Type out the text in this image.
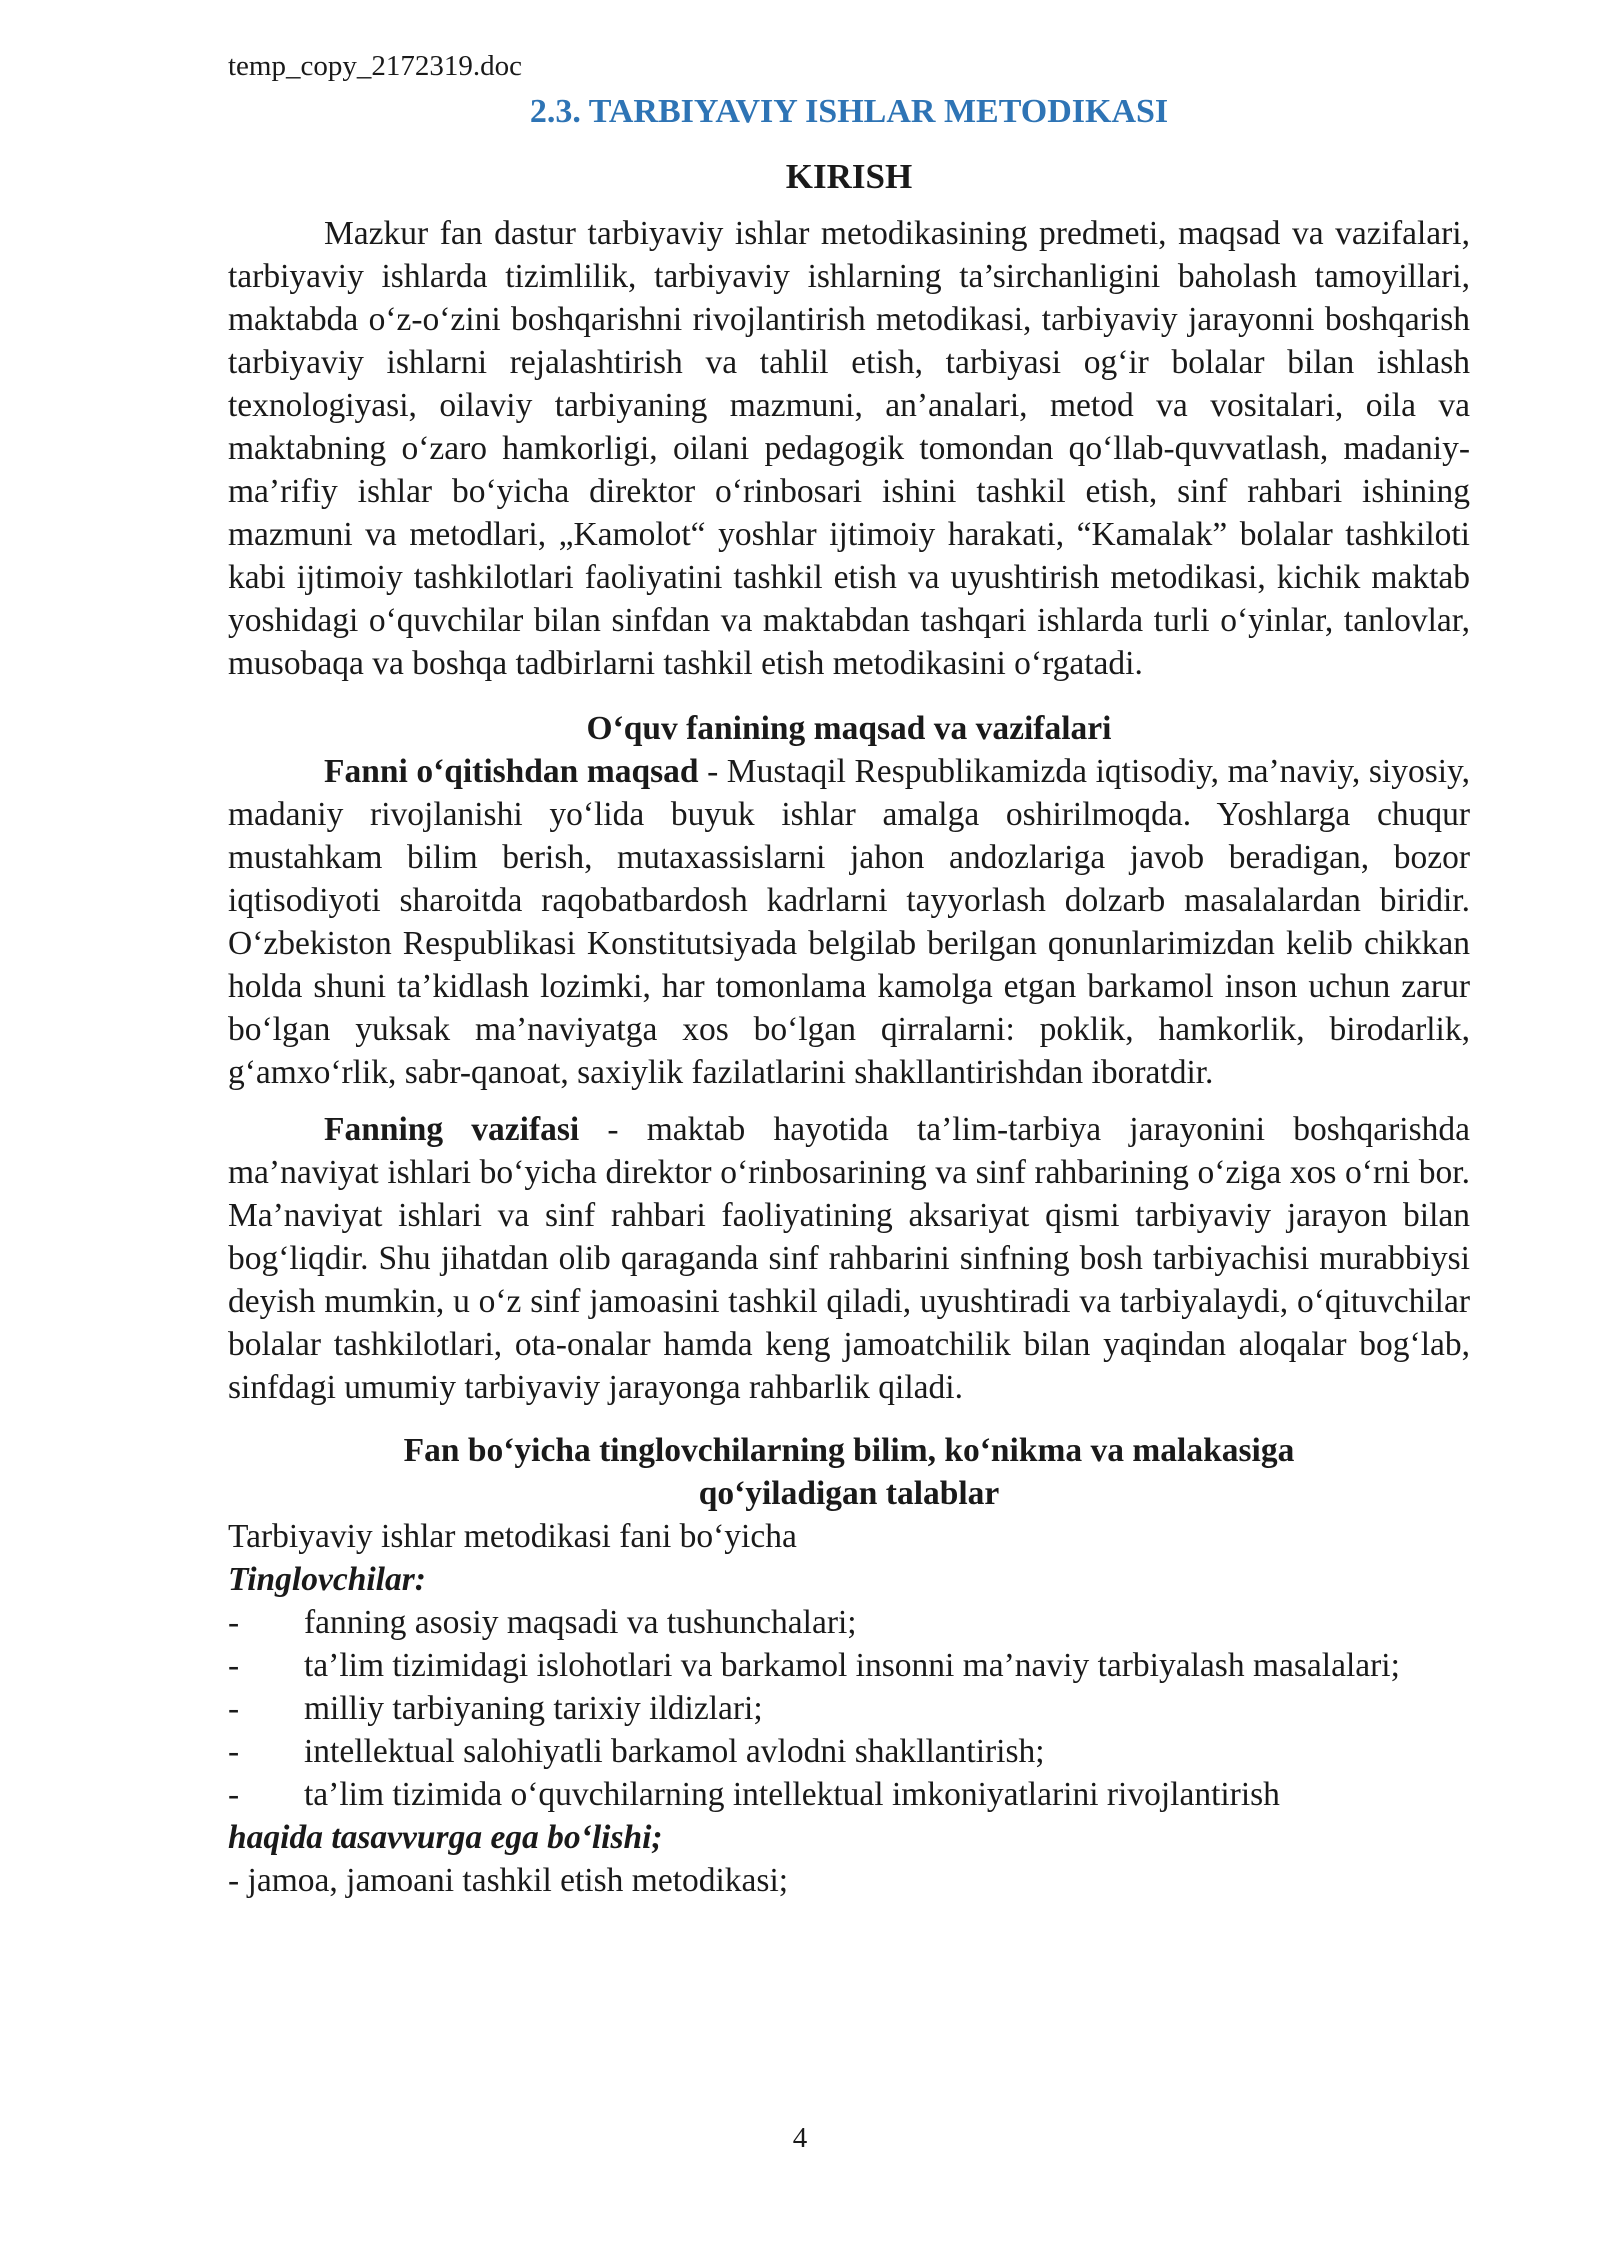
temp_copy_2172319.doc
2.3. TARBIYAVIY ISHLAR METODIKASI
KIRISH

Mazkur fan dastur tarbiyaviy ishlar metodikasining predmeti, maqsad va vazifalari, tarbiyaviy ishlarda tizimlilik, tarbiyaviy ishlarning ta’sirchanligini baholash tamoyillari, maktabda o‘z-o‘zini boshqarishni rivojlantirish metodikasi, tarbiyaviy jarayonni boshqarish tarbiyaviy ishlarni rejalashtirish va tahlil etish, tarbiyasi og‘ir bolalar bilan ishlash texnologiyasi, oilaviy tarbiyaning mazmuni, an’analari, metod va vositalari, oila va maktabning o‘zaro hamkorligi, oilani pedagogik tomondan qo‘llab-quvvatlash, madaniy-ma’rifiy ishlar bo‘yicha direktor o‘rinbosari ishini tashkil etish, sinf rahbari ishining mazmuni va metodlari, „Kamolot“ yoshlar ijtimoiy harakati, “Kamalak” bolalar tashkiloti kabi ijtimoiy tashkilotlari faoliyatini tashkil etish va uyushtirish metodikasi, kichik maktab yoshidagi o‘quvchilar bilan sinfdan va maktabdan tashqari ishlarda turli o‘yinlar, tanlovlar, musobaqa va boshqa tadbirlarni tashkil etish metodikasini o‘rgatadi.

O‘quv fanining maqsad va vazifalari

Fanni o‘qitishdan maqsad - Mustaqil Respublikamizda iqtisodiy, ma’naviy, siyosiy, madaniy rivojlanishi yo‘lida buyuk ishlar amalga oshirilmoqda. Yoshlarga chuqur mustahkam bilim berish, mutaxassislarni jahon andozlariga javob beradigan, bozor iqtisodiyoti sharoitda raqobatbardosh kadrlarni tayyorlash dolzarb masalalardan biridir. O‘zbekiston Respublikasi Konstitutsiyada belgilab berilgan qonunlarimizdan kelib chikkan holda shuni ta’kidlash lozimki, har tomonlama kamolga etgan barkamol inson uchun zarur bo‘lgan yuksak ma’naviyatga xos bo‘lgan qirralarni: poklik, hamkorlik, birodarlik, g‘amxo‘rlik, sabr-qanoat, saxiylik fazilatlarini shakllantirishdan iboratdir.

Fanning vazifasi - maktab hayotida ta’lim-tarbiya jarayonini boshqarishda ma’naviyat ishlari bo‘yicha direktor o‘rinbosarining va sinf rahbarining o‘ziga xos o‘rni bor. Ma’naviyat ishlari va sinf rahbari faoliyatining aksariyat qismi tarbiyaviy jarayon bilan bog‘liqdir. Shu jihatdan olib qaraganda sinf rahbarini sinfning bosh tarbiyachisi murabbiysi deyish mumkin, u o‘z sinf jamoasini tashkil qiladi, uyushtiradi va tarbiyalaydi, o‘qituvchilar bolalar tashkilotlari, ota-onalar hamda keng jamoatchilik bilan yaqindan aloqalar bog‘lab, sinfdagi umumiy tarbiyaviy jarayonga rahbarlik qiladi.

Fan bo‘yicha tinglovchilarning bilim, ko‘nikma va malakasiga
qo‘yiladigan talablar

Tarbiyaviy ishlar metodikasi fani bo‘yicha

Tinglovchilar:

- fanning asosiy maqsadi va tushunchalari;

- ta’lim tizimidagi islohotlari va barkamol insonni ma’naviy tarbiyalash masalalari;

- milliy tarbiyaning tarixiy ildizlari;

- intellektual salohiyatli barkamol avlodni shakllantirish;

- ta’lim tizimida o‘quvchilarning intellektual imkoniyatlarini rivojlantirish

haqida tasavvurga ega bo‘lishi;

- jamoa, jamoani tashkil etish metodikasi;

4
